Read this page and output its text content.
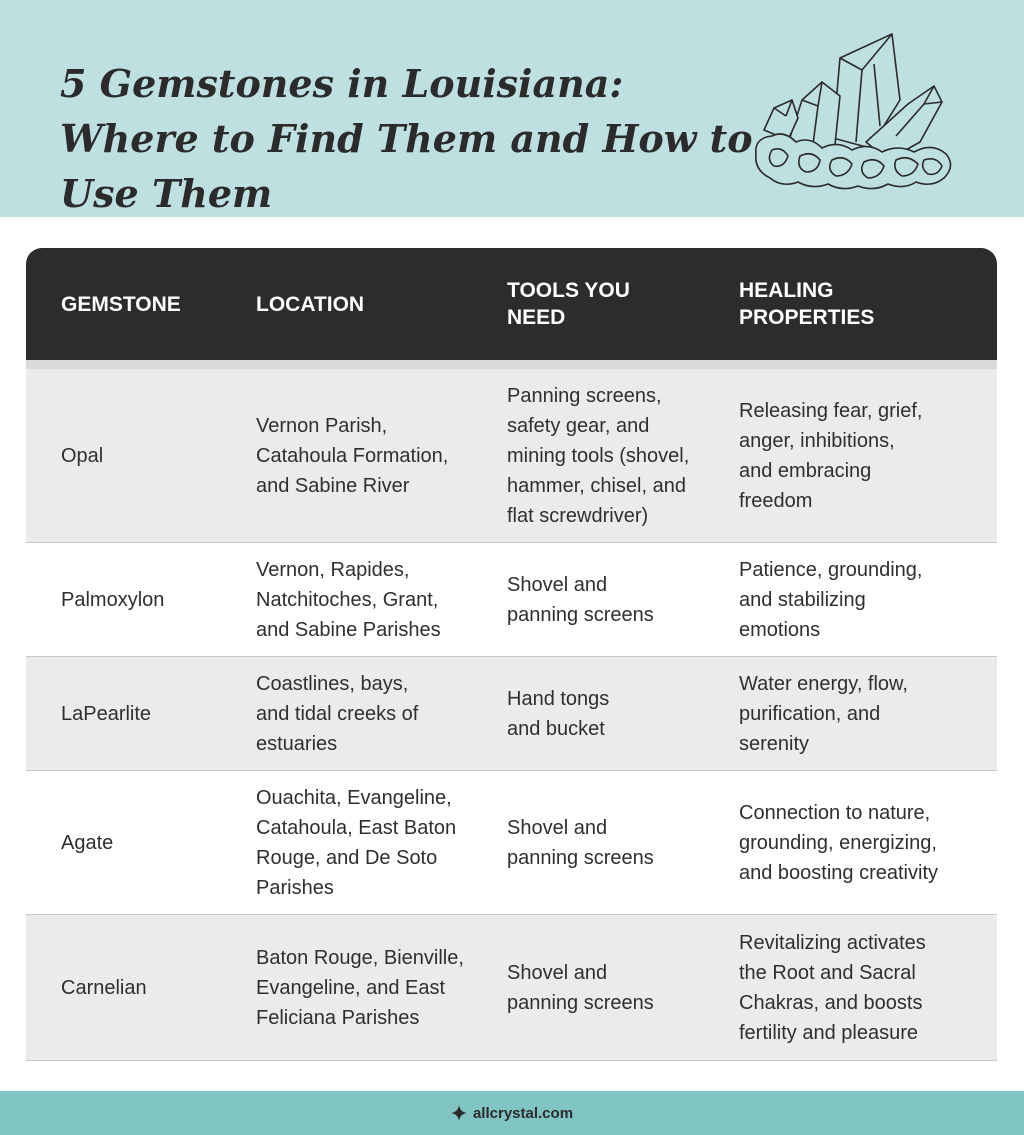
5 Gemstones in Louisiana: Where to Find Them and How to Use Them
GEMSTONE	LOCATION
TOOLS YOU
NEED
HEALING
PROPERTIES
Opal
Vernon Parish,
Catahoula Formation,
and Sabine River
Panning screens,
safety gear, and
mining tools (shovel,
hammer, chisel, and
flat screwdriver)
Releasing fear, grief,
anger, inhibitions,
and embracing
freedom
Palmoxylon
Vernon, Rapides,
Natchitoches, Grant,
and Sabine Parishes
Shovel and
panning screens
Patience, grounding,
and stabilizing
emotions
LaPearlite
Coastlines, bays,
and tidal creeks of
estuaries
Hand tongs
and bucket
Water energy, flow,
purification, and
serenity
Agate
Ouachita, Evangeline,
Catahoula, East Baton
Rouge, and De Soto
Parishes
Shovel and
panning screens
Connection to nature,
grounding, energizing,
and boosting creativity
Carnelian
Baton Rouge, Bienville,
Evangeline, and East
Feliciana Parishes
Shovel and
panning screens
Revitalizing activates
the Root and Sacral
Chakras, and boosts
fertility and pleasure
allcrystal.com
